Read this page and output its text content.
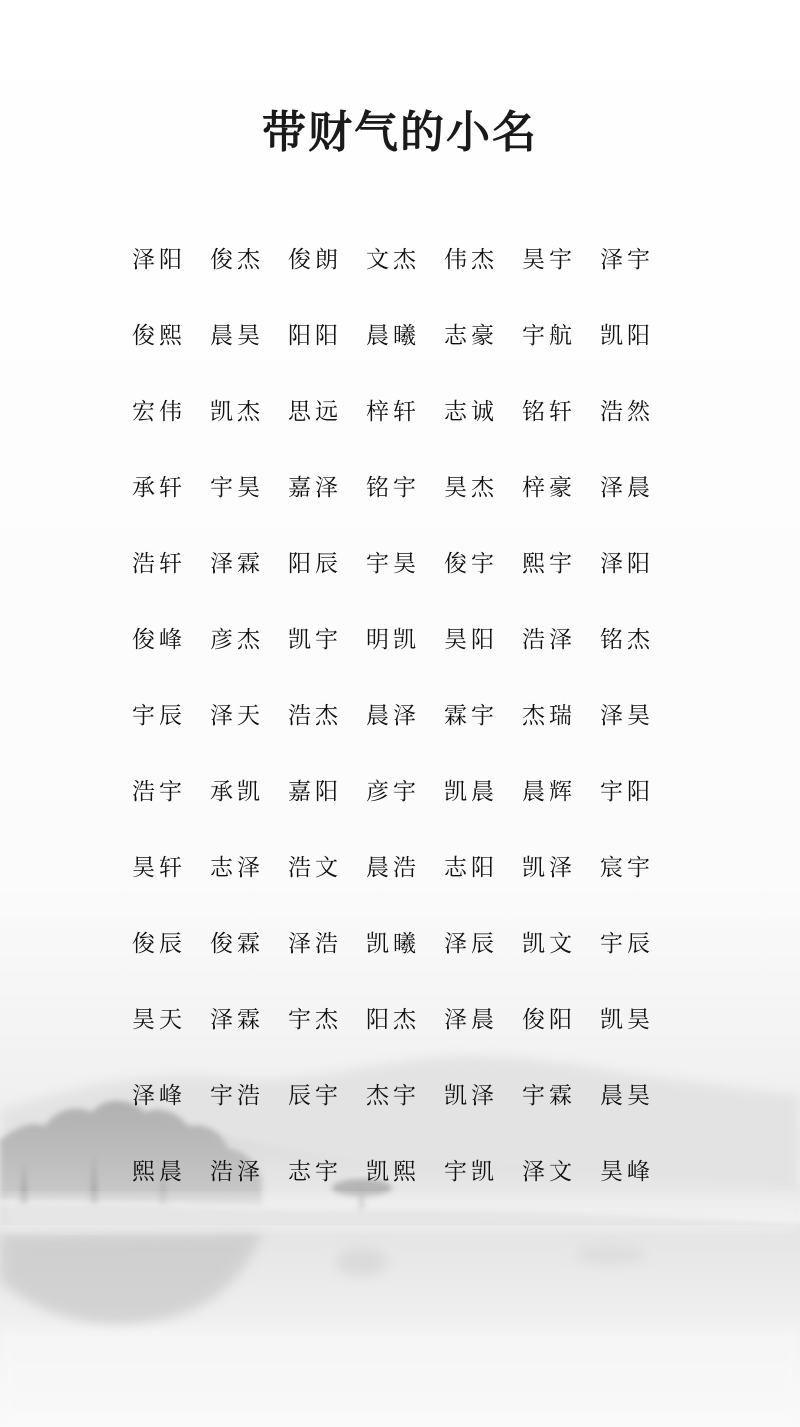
带财气的小名
泽阳	俊杰	俊朗	文杰	伟杰	昊宇	泽宇
俊熙	晨昊	阳阳	晨曦	志豪	宇航	凯阳
宏伟	凯杰	思远	梓轩	志诚	铭轩	浩然
承轩	宇昊	嘉泽	铭宇	昊杰	梓豪	泽晨
浩轩	泽霖	阳辰	宇昊	俊宇	熙宇	泽阳
俊峰	彦杰	凯宇	明凯	昊阳	浩泽	铭杰
宇辰	泽天	浩杰	晨泽	霖宇	杰瑞	泽昊
浩宇	承凯	嘉阳	彦宇	凯晨	晨辉	宇阳
昊轩	志泽	浩文	晨浩	志阳	凯泽	宸宇
俊辰	俊霖	泽浩	凯曦	泽辰	凯文	宇辰
昊天	泽霖	宇杰	阳杰	泽晨	俊阳	凯昊
泽峰	宇浩	辰宇	杰宇	凯泽	宇霖	晨昊
熙晨	浩泽	志宇	凯熙	宇凯	泽文	昊峰
